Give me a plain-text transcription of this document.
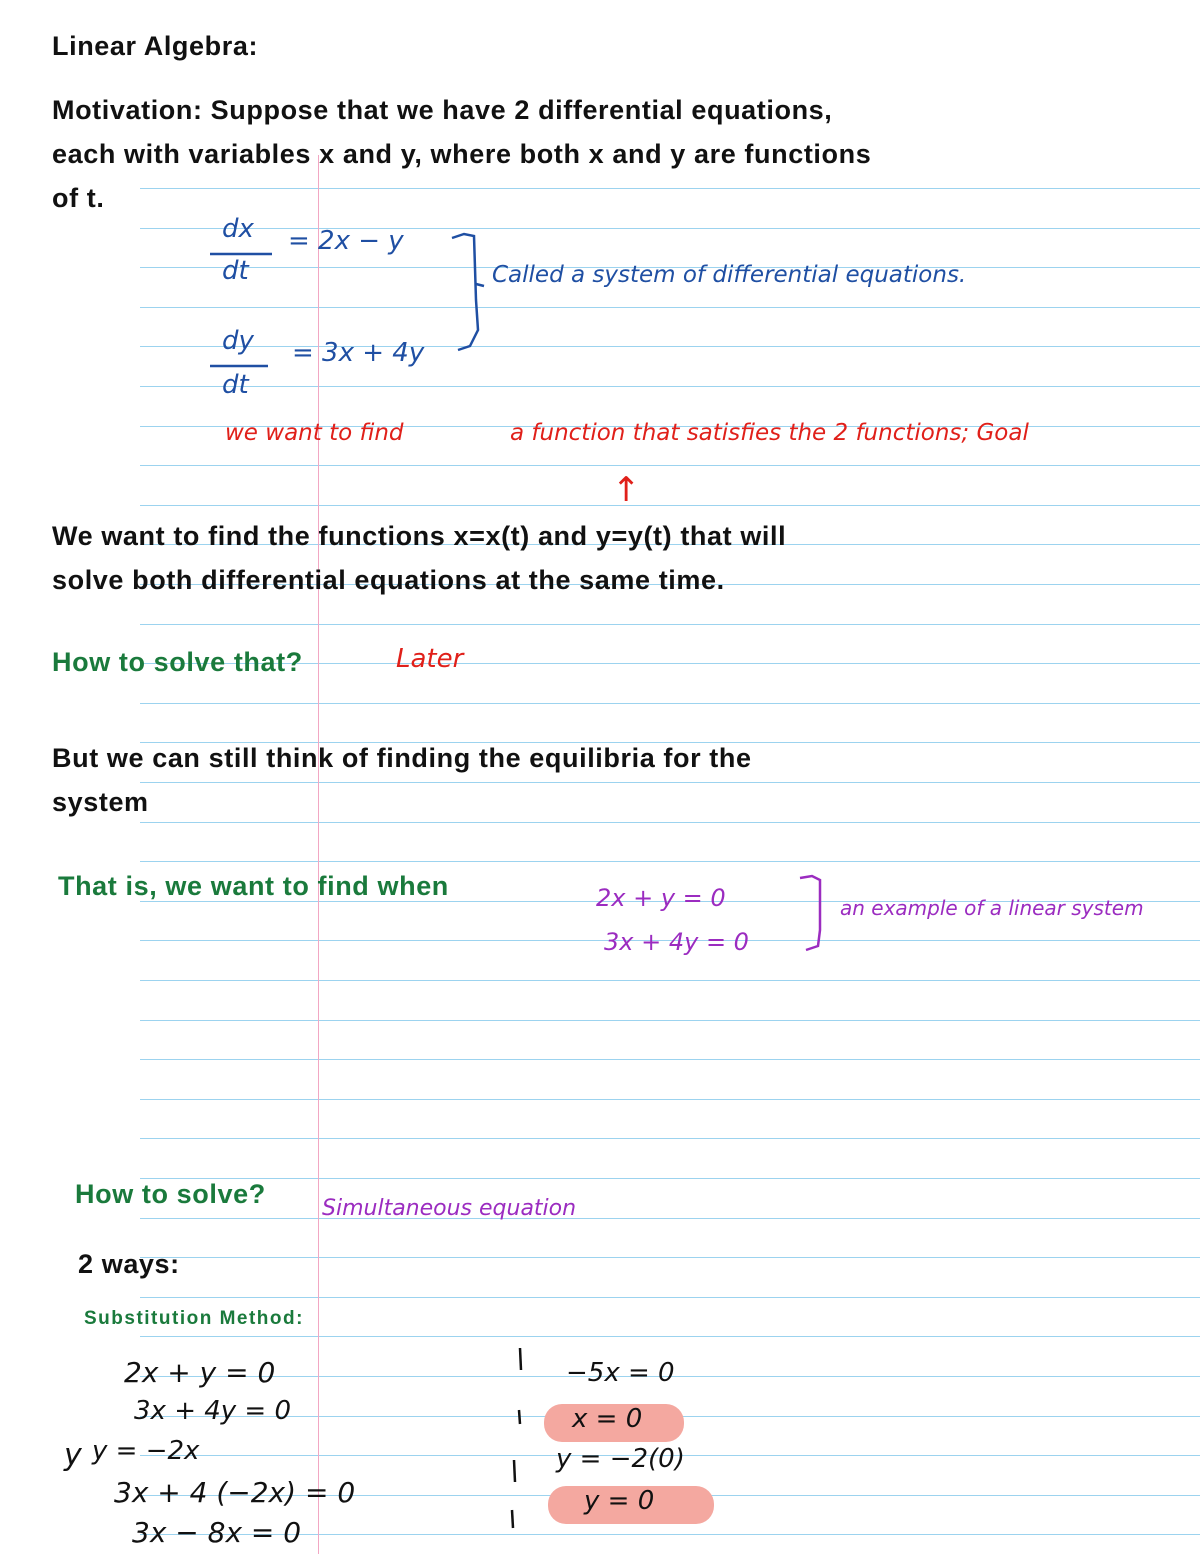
Linear Algebra:

Motivation: Suppose that we have 2 differential equations,

each with variables x and y, where both x and y are functions

of t.

dx
dt
= 2x − y
dy
dt
= 3x + 4y
Called a system of differential equations.
we want to find	a function that satisfies the 2 functions; Goal
↑

We want to find the functions x=x(t) and y=y(t) that will

solve both differential equations at the same time.

How to solve that?	Later

But we can still think of finding the equilibria for the

system

That is, we want to find when	2x + y = 0
3x + 4y = 0
an example of a linear system

How to solve?	Simultaneous equation

2 ways:

Substitution Method:

2x + y = 0
3x + 4y = 0
y y = −2x
3x + 4 (−2x) = 0
3x − 8x = 0
−5x = 0
x = 0
y = −2(0)
y = 0
